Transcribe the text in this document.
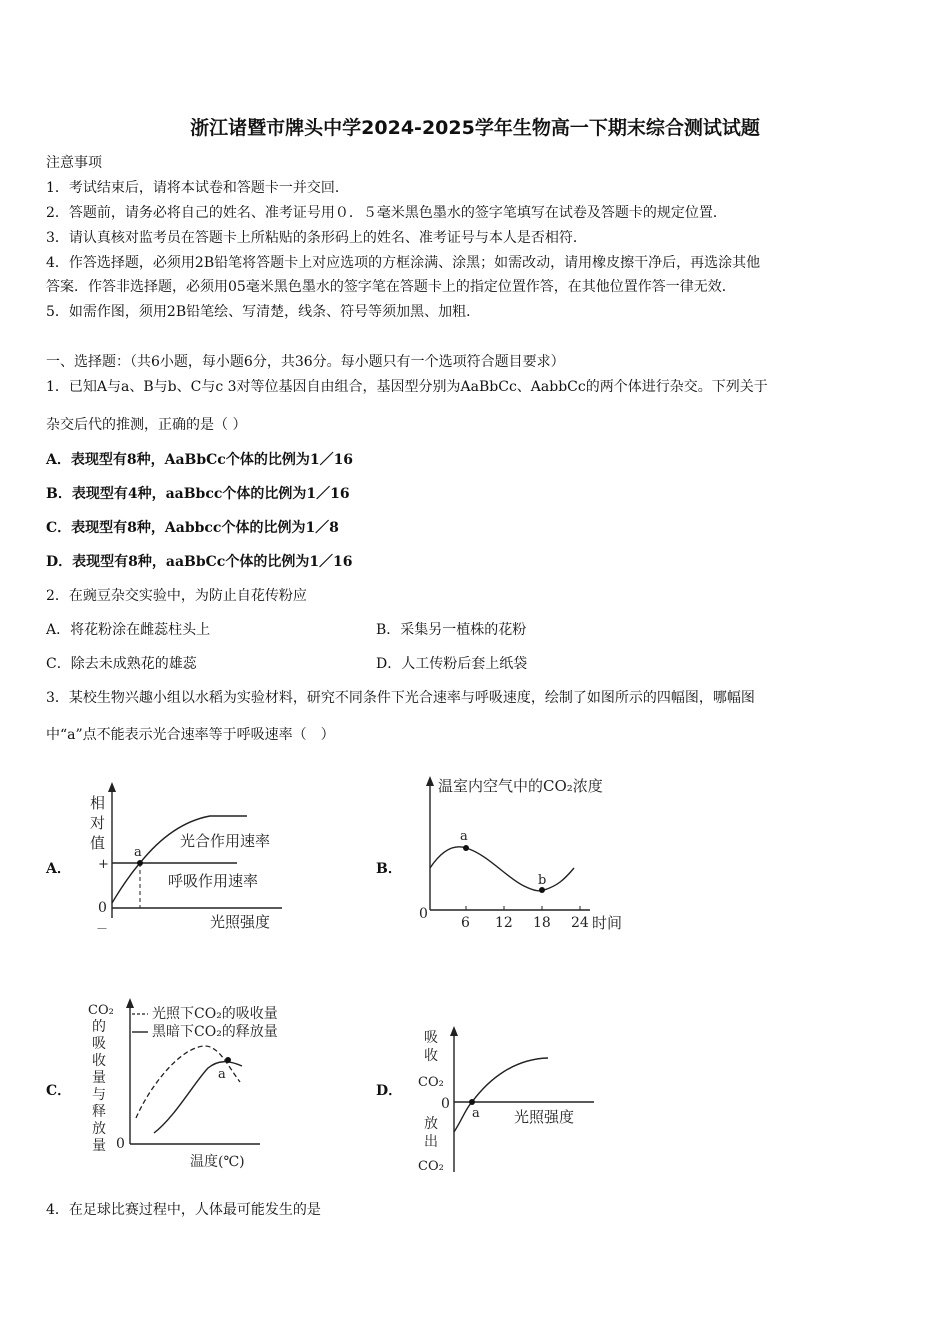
浙江诸暨市牌头中学2024-2025学年生物高一下期末综合测试试题
注意事项
1．考试结束后，请将本试卷和答题卡一并交回．
2．答题前，请务必将自己的姓名、准考证号用０．５毫米黑色墨水的签字笔填写在试卷及答题卡的规定位置．
3．请认真核对监考员在答题卡上所粘贴的条形码上的姓名、准考证号与本人是否相符．
4．作答选择题，必须用2B铅笔将答题卡上对应选项的方框涂满、涂黑；如需改动，请用橡皮擦干净后，再选涂其他
答案．作答非选择题，必须用05毫米黑色墨水的签字笔在答题卡上的指定位置作答，在其他位置作答一律无效．
5．如需作图，须用2B铅笔绘、写清楚，线条、符号等须加黑、加粗．
一、选择题：（共6小题，每小题6分，共36分。每小题只有一个选项符合题目要求）
1．已知A与a、B与b、C与c 3对等位基因自由组合，基因型分别为AaBbCc、AabbCc的两个体进行杂交。下列关于
杂交后代的推测，正确的是（ ）
A．表现型有8种，AaBbCc个体的比例为1／16
B．表现型有4种，aaBbcc个体的比例为1／16
C．表现型有8种，Aabbcc个体的比例为1／8
D．表现型有8种，aaBbCc个体的比例为1／16
2．在豌豆杂交实验中，为防止自花传粉应
A．将花粉涂在雌蕊柱头上	B．采集另一植株的花粉
C．除去未成熟花的雄蕊	D．人工传粉后套上纸袋
3．某校生物兴趣小组以水稻为实验材料，研究不同条件下光合速率与呼吸速度，绘制了如图所示的四幅图，哪幅图
中“a”点不能表示光合速率等于呼吸速率（　）
A．
相
对
值
+
0
－
a
光合作用速率
呼吸作用速率
光照强度
B．
温室内空气中的CO₂浓度
0
6 12 18 24 时间
a
b
C．
CO₂
的
吸
收
量
与
释
放
量 0
光照下CO₂的吸收量
黑暗下CO₂的释放量
a
温度(℃)
D．
吸
收
CO₂
放
出
CO₂
0
a 光照强度
4．在足球比赛过程中，人体最可能发生的是
